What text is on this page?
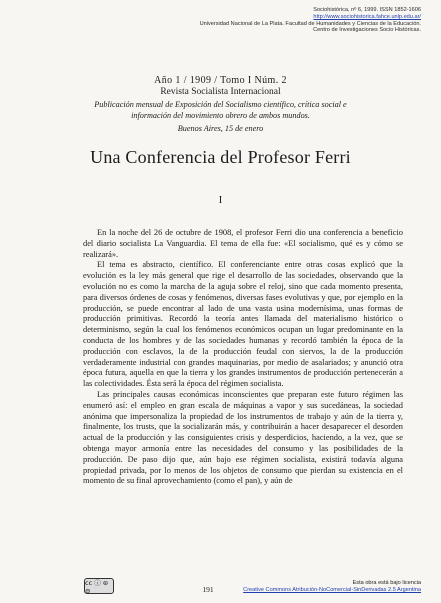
Sociohistórica, nº 6, 1999. ISSN 1852-1606
http://www.sociohistorica.fahce.unlp.edu.ar/
Universidad Nacional de La Plata. Facultad de Humanidades y Ciencias de la Educación.
Centro de Investigaciones Socio Históricas.
Año 1 / 1909 / Tomo I Núm. 2
Revista Socialista Internacional
Publicación mensual de Exposición del Socialismo científico, crítica social e información del movimiento obrero de ambos mundos.
Buenos Aires, 15 de enero
Una Conferencia del Profesor Ferri
I

En la noche del 26 de octubre de 1908, el profesor Ferri dio una conferencia a beneficio del diario socialista La Vanguardia. El tema de ella fue: «El socialismo, qué es y cómo se realizará».

El tema es abstracto, científico. El conferenciante entre otras cosas explicó que la evolución es la ley más general que rige el desarrollo de las sociedades, observando que la evolución no es como la marcha de la aguja sobre el reloj, sino que cada momento presenta, para diversos órdenes de cosas y fenómenos, diversas fases evolutivas y que, por ejemplo en la producción, se puede encontrar al lado de una vasta usina modernísima, unas formas de producción primitivas. Recordó la teoría antes llamada del materialismo histórico o determinismo, según la cual los fenómenos económicos ocupan un lugar predominante en la conducta de los hombres y de las sociedades humanas y recordó también la época de la producción con esclavos, la de la producción feudal con siervos, la de la producción verdaderamente industrial con grandes maquinarias, por medio de asalariados; y anunció otra época futura, aquella en que la tierra y los grandes instrumentos de producción pertenecerán a las colectividades. Ésta será la época del régimen socialista.

Las principales causas económicas inconscientes que preparan este futuro régimen las enumeró así: el empleo en gran escala de máquinas a vapor y sus sucedáneas, la sociedad anónima que impersonaliza la propiedad de los instrumentos de trabajo y aún de la tierra y, finalmente, los trusts, que la socializarán más, y contribuirán a hacer desaparecer el desorden actual de la producción y las consiguientes crisis y desperdicios, haciendo, a la vez, que se obtenga mayor armonía entre las necesidades del consumo y las posibilidades de la producción. De paso dijo que, aún bajo ese régimen socialista, existirá todavía alguna propiedad privada, por lo menos de los objetos de consumo que pierdan su existencia en el momento de su final aprovechamiento (como el pan), y aún de

cc ⓘ ⊜ ⊖	191
Esta obra está bajo licencia
Creative Commons Atribución-NoComercial-SinDerivadas 2.5 Argentina
